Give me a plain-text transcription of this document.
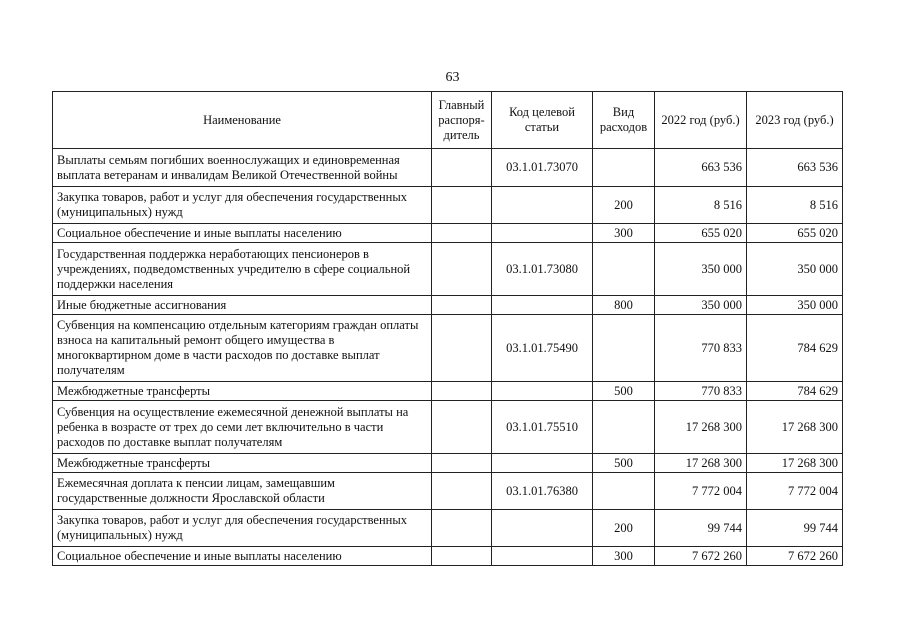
63
Наименование	Главный распоря-дитель	Код целевой статьи	Вид расходов	2022 год (руб.)	2023 год (руб.)
Выплаты семьям погибших военнослужащих и единовременная выплата ветеранам и инвалидам Великой Отечественной войны		03.1.01.73070		663 536	663 536
Закупка товаров, работ и услуг для обеспечения государственных (муниципальных) нужд			200	8 516	8 516
Социальное обеспечение и иные выплаты населению			300	655 020	655 020
Государственная поддержка неработающих пенсионеров в учреждениях, подведомственных учредителю в сфере социальной поддержки населения		03.1.01.73080		350 000	350 000
Иные бюджетные ассигнования			800	350 000	350 000
Субвенция на компенсацию отдельным категориям граждан оплаты взноса на капитальный ремонт общего имущества в многоквартирном доме в части расходов по доставке выплат получателям		03.1.01.75490		770 833	784 629
Межбюджетные трансферты			500	770 833	784 629
Субвенция на осуществление ежемесячной денежной выплаты на ребенка в возрасте от трех до семи лет включительно в части расходов по доставке выплат получателям		03.1.01.75510		17 268 300	17 268 300
Межбюджетные трансферты			500	17 268 300	17 268 300
Ежемесячная доплата к пенсии лицам, замещавшим государственные должности Ярославской области		03.1.01.76380		7 772 004	7 772 004
Закупка товаров, работ и услуг для обеспечения государственных (муниципальных) нужд			200	99 744	99 744
Социальное обеспечение и иные выплаты населению			300	7 672 260	7 672 260
